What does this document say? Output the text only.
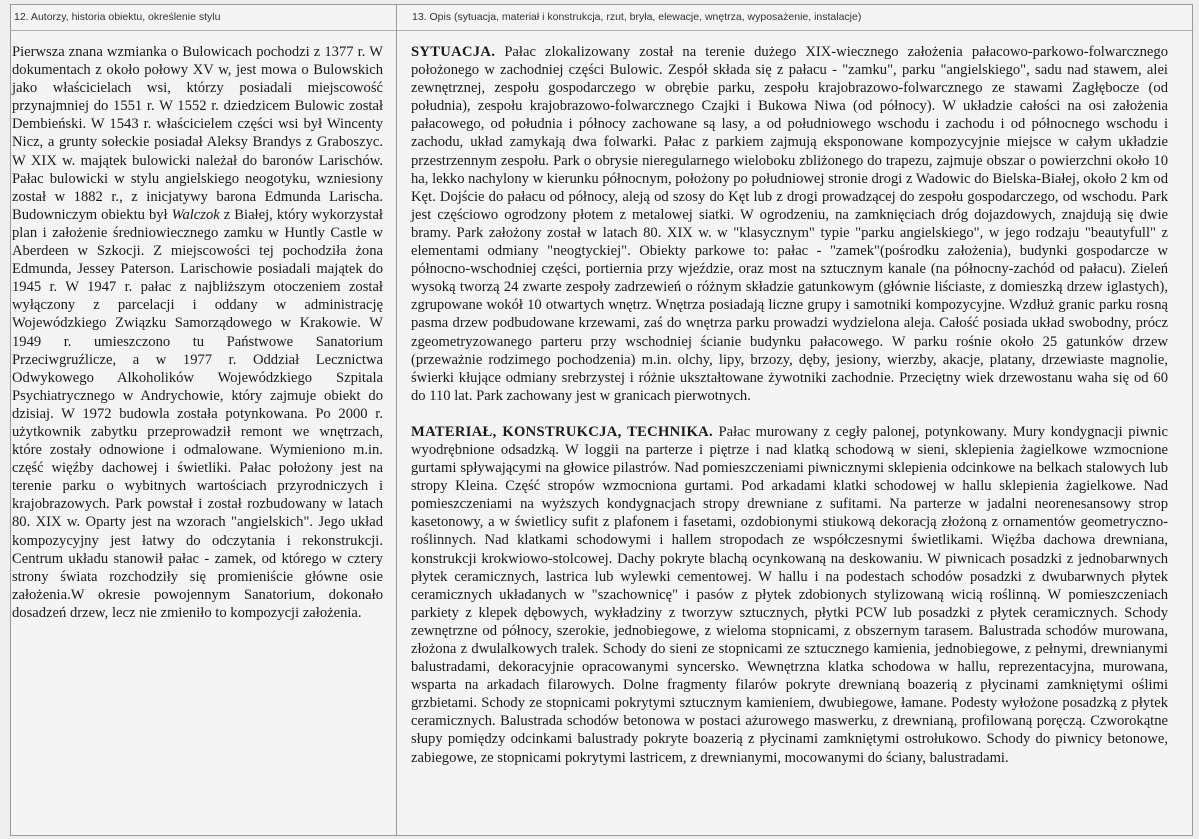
12. Autorzy, historia obiektu, określenie stylu	13. Opis (sytuacja, materiał i konstrukcja, rzut, bryła, elewacje, wnętrza, wyposażenie, instalacje)

Pierwsza znana wzmianka o Bulowicach pochodzi z 1377 r. W dokumentach z około połowy XV w, jest mowa o Bulowskich jako właścicielach wsi, którzy posiadali miejscowość przynajmniej do 1551 r. W 1552 r. dziedzicem Bulowic został Dembieński. W 1543 r. właścicielem części wsi był Wincenty Nicz, a grunty sołeckie posiadał Aleksy Brandys z Graboszyc. W XIX w. majątek bulowicki należał do baronów Larischów. Pałac bulowicki w stylu angielskiego neogotyku, wzniesiony został w 1882 r., z inicjatywy barona Edmunda Larischa. Budowniczym obiektu był Walczok z Białej, który wykorzystał plan i założenie średniowiecznego zamku w Huntly Castle w Aberdeen w Szkocji. Z miejscowości tej pochodziła żona Edmunda, Jessey Paterson. Larischowie posiadali majątek do 1945 r. W 1947 r. pałac z najbliższym otoczeniem został wyłączony z parcelacji i oddany w administrację Wojewódzkiego Związku Samorządowego w Krakowie. W 1949 r. umieszczono tu Państwowe Sanatorium Przeciwgruźlicze, a w 1977 r. Oddział Lecznictwa Odwykowego Alkoholików Wojewódzkiego Szpitala Psychiatrycznego w Andrychowie, który zajmuje obiekt do dzisiaj. W 1972 budowla została potynkowana. Po 2000 r. użytkownik zabytku przeprowadził remont we wnętrzach, które zostały odnowione i odmalowane. Wymieniono m.in. część więźby dachowej i świetliki. Pałac położony jest na terenie parku o wybitnych wartościach przyrodniczych i krajobrazowych. Park powstał i został rozbudowany w latach 80. XIX w. Oparty jest na wzorach "angielskich". Jego układ kompozycyjny jest łatwy do odczytania i rekonstrukcji. Centrum układu stanowił pałac - zamek, od którego w cztery strony świata rozchodziły się promieniście główne osie założenia.W okresie powojennym Sanatorium, dokonało dosadzeń drzew, lecz nie zmieniło to kompozycji założenia.

SYTUACJA. Pałac zlokalizowany został na terenie dużego XIX-wiecznego założenia pałacowo-parkowo-folwarcznego położonego w zachodniej części Bulowic. Zespół składa się z pałacu - "zamku", parku "angielskiego", sadu nad stawem, alei zewnętrznej, zespołu gospodarczego w obrębie parku, zespołu krajobrazowo-folwarcznego ze stawami Zagłębocze (od południa), zespołu krajobrazowo-folwarcznego Czajki i Bukowa Niwa (od północy). W układzie całości na osi założenia pałacowego, od południa i północy zachowane są lasy, a od południowego wschodu i zachodu i od północnego wschodu i zachodu, układ zamykają dwa folwarki. Pałac z parkiem zajmują eksponowane kompozycyjnie miejsce w całym układzie przestrzennym zespołu. Park o obrysie nieregularnego wieloboku zbliżonego do trapezu, zajmuje obszar o powierzchni około 10 ha, lekko nachylony w kierunku północnym, położony po południowej stronie drogi z Wadowic do Bielska-Białej, około 2 km od Kęt. Dojście do pałacu od północy, aleją od szosy do Kęt lub z drogi prowadzącej do zespołu gospodarczego, od wschodu. Park jest częściowo ogrodzony płotem z metalowej siatki. W ogrodzeniu, na zamknięciach dróg dojazdowych, znajdują się dwie bramy. Park założony został w latach 80. XIX w. w "klasycznym" typie "parku angielskiego", w jego rodzaju "beautyfull" z elementami odmiany "neogtyckiej". Obiekty parkowe to: pałac - "zamek"(pośrodku założenia), budynki gospodarcze w północno-wschodniej części, portiernia przy wjeździe, oraz most na sztucznym kanale (na północny-zachód od pałacu). Zieleń wysoką tworzą 24 zwarte zespoły zadrzewień o różnym składzie gatunkowym (głównie liściaste, z domieszką drzew iglastych), zgrupowane wokół 10 otwartych wnętrz. Wnętrza posiadają liczne grupy i samotniki kompozycyjne. Wzdłuż granic parku rosną pasma drzew podbudowane krzewami, zaś do wnętrza parku prowadzi wydzielona aleja. Całość posiada układ swobodny, prócz zgeometryzowanego parteru przy wschodniej ścianie budynku pałacowego. W parku rośnie około 25 gatunków drzew (przeważnie rodzimego pochodzenia) m.in. olchy, lipy, brzozy, dęby, jesiony, wierzby, akacje, platany, drzewiaste magnolie, świerki kłujące odmiany srebrzystej i różnie ukształtowane żywotniki zachodnie. Przeciętny wiek drzewostanu waha się od 60 do 110 lat. Park zachowany jest w granicach pierwotnych.

MATERIAŁ, KONSTRUKCJA, TECHNIKA. Pałac murowany z cegły palonej, potynkowany. Mury kondygnacji piwnic wyodrębnione odsadzką. W loggii na parterze i piętrze i nad klatką schodową w sieni, sklepienia żagielkowe wzmocnione gurtami spływającymi na głowice pilastrów. Nad pomieszczeniami piwnicznymi sklepienia odcinkowe na belkach stalowych lub stropy Kleina. Część stropów wzmocniona gurtami. Pod arkadami klatki schodowej w hallu sklepienia żagielkowe. Nad pomieszczeniami na wyższych kondygnacjach stropy drewniane z sufitami. Na parterze w jadalni neorenesansowy strop kasetonowy, a w świetlicy sufit z plafonem i fasetami, ozdobionymi stiukową dekoracją złożoną z ornamentów geometryczno-roślinnych. Nad klatkami schodowymi i hallem stropodach ze współczesnymi świetlikami. Więźba dachowa drewniana, konstrukcji krokwiowo-stolcowej. Dachy pokryte blachą ocynkowaną na deskowaniu. W piwnicach posadzki z jednobarwnych płytek ceramicznych, lastrica lub wylewki cementowej. W hallu i na podestach schodów posadzki z dwubarwnych płytek ceramicznych układanych w "szachownicę" i pasów z płytek zdobionych stylizowaną wicią roślinną. W pomieszczeniach parkiety z klepek dębowych, wykładziny z tworzyw sztucznych, płytki PCW lub posadzki z płytek ceramicznych. Schody zewnętrzne od północy, szerokie, jednobiegowe, z wieloma stopnicami, z obszernym tarasem. Balustrada schodów murowana, złożona z dwulalkowych tralek. Schody do sieni ze stopnicami ze sztucznego kamienia, jednobiegowe, z pełnymi, drewnianymi balustradami, dekoracyjnie opracowanymi syncersko. Wewnętrzna klatka schodowa w hallu, reprezentacyjna, murowana, wsparta na arkadach filarowych. Dolne fragmenty filarów pokryte drewnianą boazerią z płycinami zamkniętymi oślimi grzbietami. Schody ze stopnicami pokrytymi sztucznym kamieniem, dwubiegowe, łamane. Podesty wyłożone posadzką z płytek ceramicznych. Balustrada schodów betonowa w postaci ażurowego maswerku, z drewnianą, profilowaną poręczą. Czworokątne słupy pomiędzy odcinkami balustrady pokryte boazerią z płycinami zamkniętymi ostrołukowo. Schody do piwnicy betonowe, zabiegowe, ze stopnicami pokrytymi lastricem, z drewnianymi, mocowanymi do ściany, balustradami.
